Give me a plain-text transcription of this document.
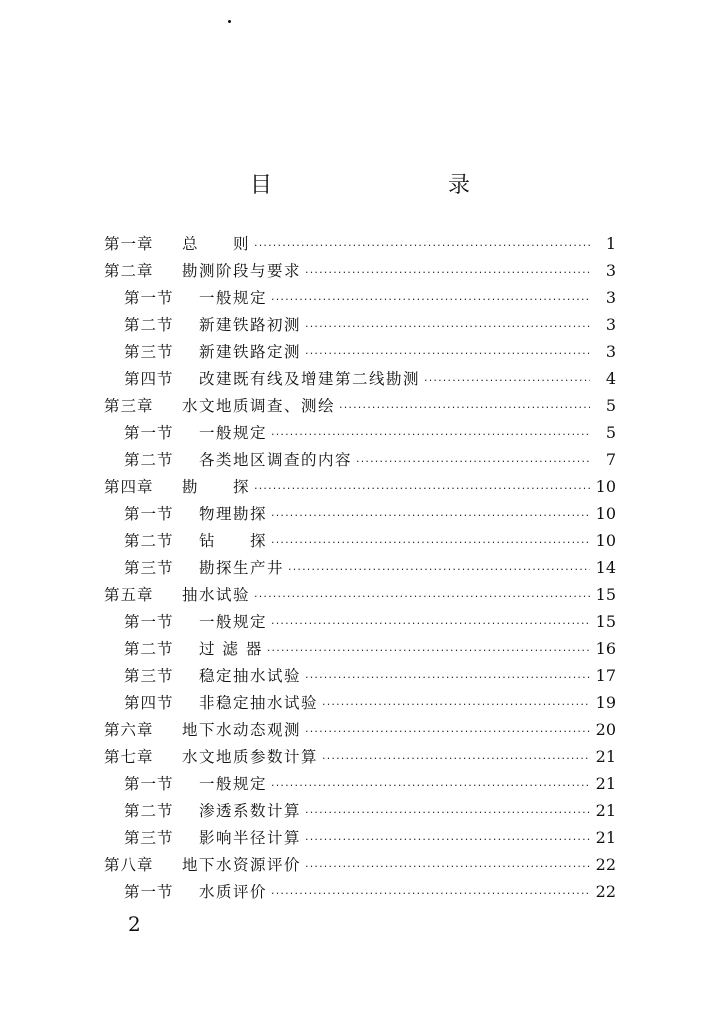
目　　录
第一章	总　　则 ·····	1
第二章	勘测阶段与要求 ·····	3
第一节	一般规定 ·····	3
第二节	新建铁路初测 ·····	3
第三节	新建铁路定测 ·····	3
第四节	改建既有线及增建第二线勘测 ·····	4
第三章	水文地质调查、测绘 ·····	5
第一节	一般规定 ·····	5
第二节	各类地区调查的内容 ·····	7
第四章	勘　　探 ·····	10
第一节	物理勘探 ·····	10
第二节	钻　　探 ·····	10
第三节	勘探生产井 ·····	14
第五章	抽水试验 ·····	15
第一节	一般规定 ·····	15
第二节	过 滤 器 ·····	16
第三节	稳定抽水试验 ·····	17
第四节	非稳定抽水试验 ·····	19
第六章	地下水动态观测 ·····	20
第七章	水文地质参数计算 ·····	21
第一节	一般规定 ·····	21
第二节	渗透系数计算 ·····	21
第三节	影响半径计算 ·····	21
第八章	地下水资源评价 ·····	22
第一节	水质评价 ·····	22
2
